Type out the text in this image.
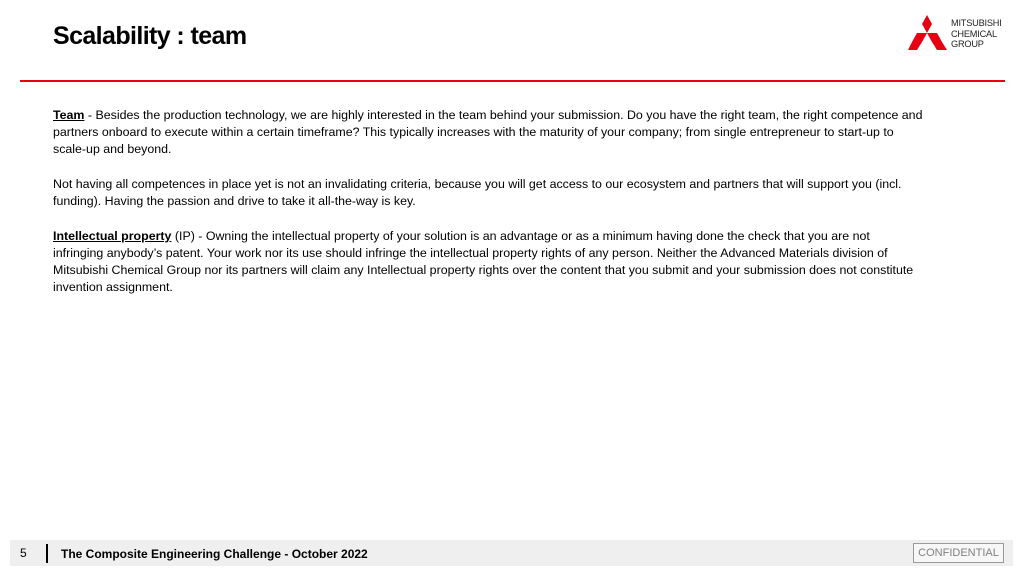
Scalability : team	MITSUBISHI
CHEMICAL
GROUP

Team - Besides the production technology, we are highly interested in the team behind your submission. Do you have the right team, the right competence and partners onboard to execute within a certain timeframe? This typically increases with the maturity of your company; from single entrepreneur to start-up to scale-up and beyond.

Not having all competences in place yet is not an invalidating criteria, because you will get access to our ecosystem and partners that will support you (incl. funding). Having the passion and drive to take it all-the-way is key.

Intellectual property (IP) - Owning the intellectual property of your solution is an advantage or as a minimum having done the check that you are not infringing anybody’s patent. Your work nor its use should infringe the intellectual property rights of any person. Neither the Advanced Materials division of Mitsubishi Chemical Group nor its partners will claim any Intellectual property rights over the content that you submit and your submission does not constitute invention assignment.

5	The Composite Engineering Challenge - October 2022	CONFIDENTIAL
